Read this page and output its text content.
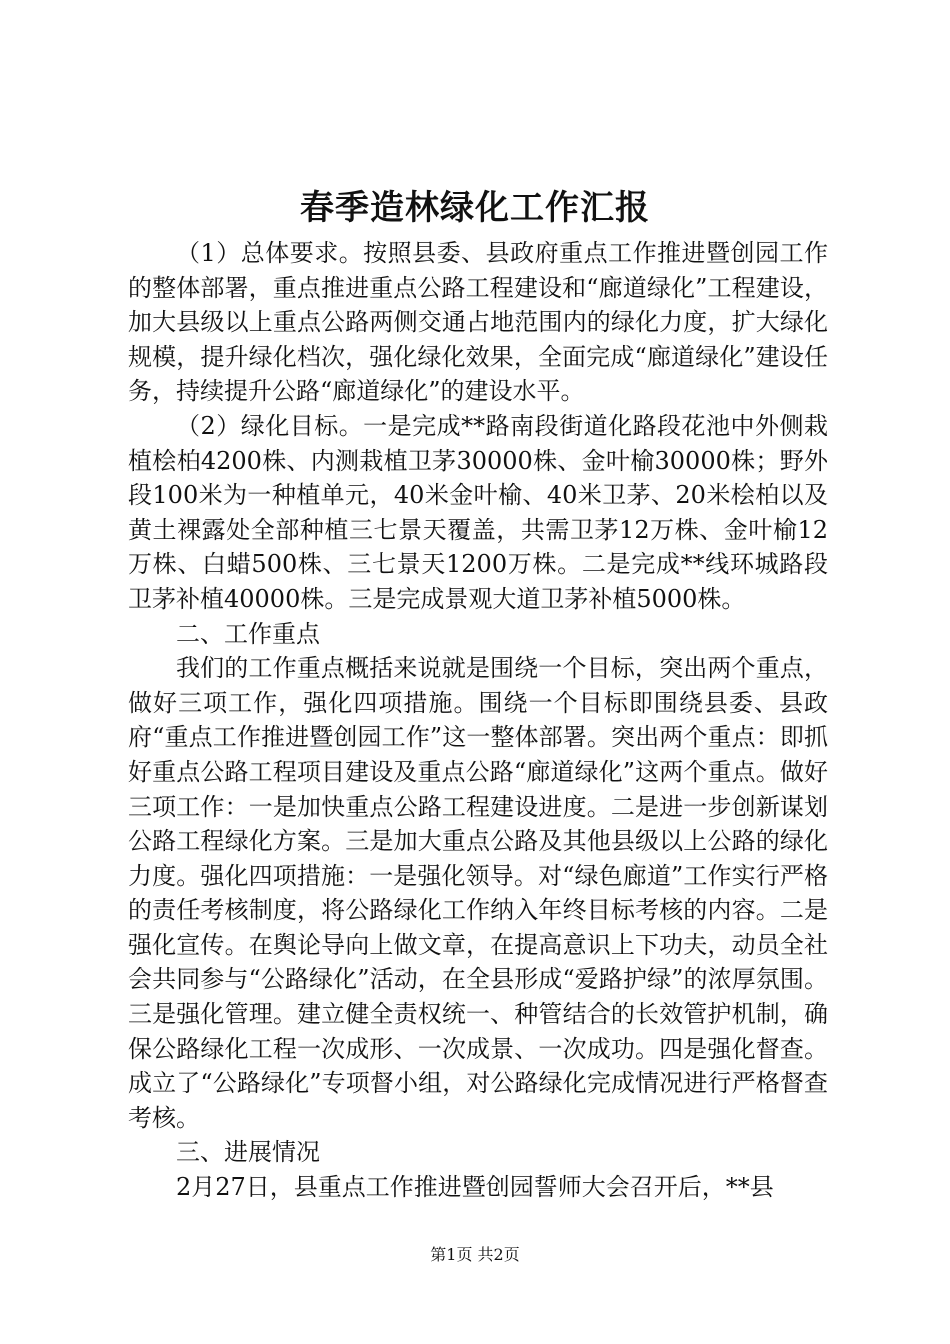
春季造林绿化工作汇报

（1）总体要求。按照县委、县政府重点工作推进暨创园工作的整体部署，重点推进重点公路工程建设和“廊道绿化”工程建设，加大县级以上重点公路两侧交通占地范围内的绿化力度，扩大绿化规模，提升绿化档次，强化绿化效果，全面完成“廊道绿化”建设任务，持续提升公路“廊道绿化”的建设水平。

（2）绿化目标。一是完成**路南段街道化路段花池中外侧栽植桧柏4200株、内测栽植卫茅30000株、金叶榆30000株；野外段100米为一种植单元，40米金叶榆、40米卫茅、20米桧柏以及黄土裸露处全部种植三七景天覆盖，共需卫茅12万株、金叶榆12万株、白蜡500株、三七景天1200万株。二是完成**线环城路段卫茅补植40000株。三是完成景观大道卫茅补植5000株。

二、工作重点

我们的工作重点概括来说就是围绕一个目标，突出两个重点，做好三项工作，强化四项措施。围绕一个目标即围绕县委、县政府“重点工作推进暨创园工作”这一整体部署。突出两个重点：即抓好重点公路工程项目建设及重点公路“廊道绿化”这两个重点。做好三项工作：一是加快重点公路工程建设进度。二是进一步创新谋划公路工程绿化方案。三是加大重点公路及其他县级以上公路的绿化力度。强化四项措施：一是强化领导。对“绿色廊道”工作实行严格的责任考核制度，将公路绿化工作纳入年终目标考核的内容。二是强化宣传。在舆论导向上做文章，在提高意识上下功夫，动员全社会共同参与“公路绿化”活动，在全县形成“爱路护绿”的浓厚氛围。三是强化管理。建立健全责权统一、种管结合的长效管护机制，确保公路绿化工程一次成形、一次成景、一次成功。四是强化督查。成立了“公路绿化”专项督小组，对公路绿化完成情况进行严格督查考核。

三、进展情况

2月27日，县重点工作推进暨创园誓师大会召开后，**县

第1页 共2页
